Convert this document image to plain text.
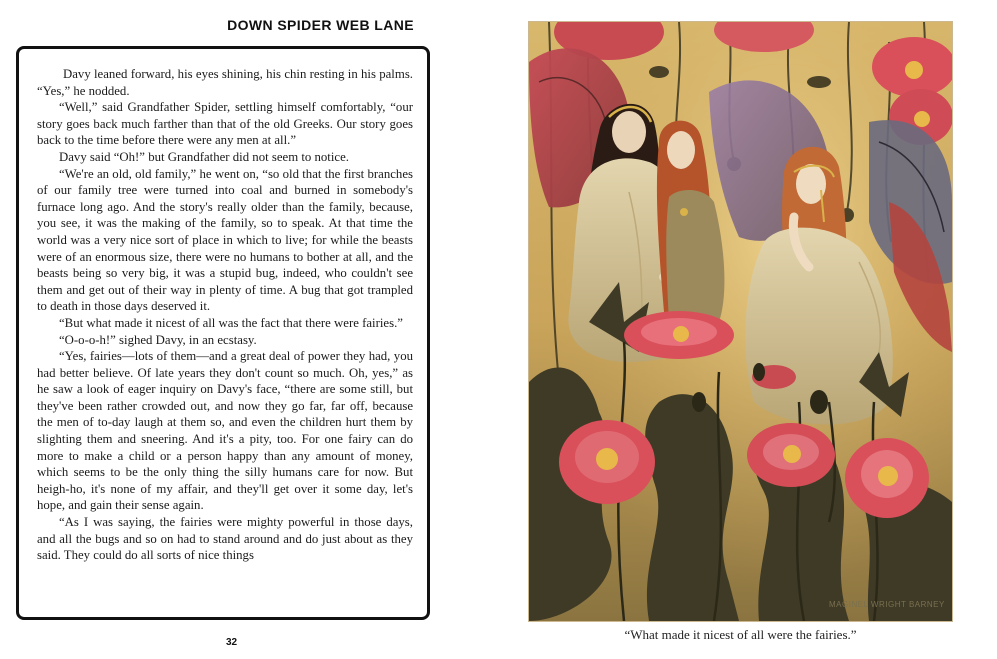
DOWN SPIDER WEB LANE

Davy leaned forward, his eyes shining, his chin resting in his palms. “Yes,” he nodded.

“Well,” said Grandfather Spider, settling himself comfortably, “our story goes back much farther than that of the old Greeks. Our story goes back to the time before there were any men at all.”

Davy said “Oh!” but Grandfather did not seem to notice.

“We're an old, old family,” he went on, “so old that the first branches of our family tree were turned into coal and burned in somebody's furnace long ago. And the story's really older than the family, because, you see, it was the making of the family, so to speak. At that time the world was a very nice sort of place in which to live; for while the beasts were of an enormous size, there were no humans to bother at all, and the beasts being so very big, it was a stupid bug, indeed, who couldn't see them and get out of their way in plenty of time. A bug that got trampled to death in those days deserved it.

“But what made it nicest of all was the fact that there were fairies.”

“O-o-o-h!” sighed Davy, in an ecstasy.

“Yes, fairies—lots of them—and a great deal of power they had, you had better believe. Of late years they don't count so much. Oh, yes,” as he saw a look of eager inquiry on Davy's face, “there are some still, but they've been rather crowded out, and now they go far, far off, because the men of to-day laugh at them so, and even the children hurt them by slighting them and sneering. And it's a pity, too. For one fairy can do more to make a child or a person happy than any amount of money, which seems to be the only thing the silly humans care for now. But heigh-ho, it's none of my affair, and they'll get over it some day, let's hope, and gain their sense again.

“As I was saying, the fairies were mighty powerful in those days, and all the bugs and so on had to stand around and do just about as they said. They could do all sorts of nice things

32
MAGINEL WRIGHT BARNEY
“What made it nicest of all were the fairies.”
